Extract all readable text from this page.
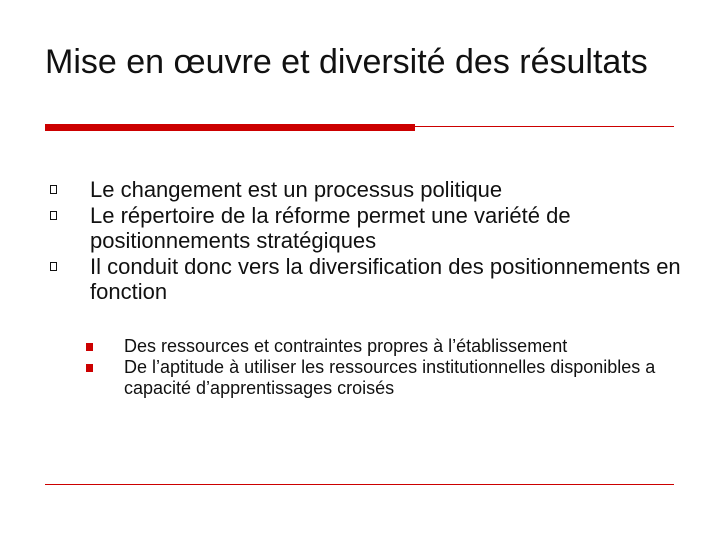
Mise en œuvre et diversité des résultats
Le changement est un processus politique
Le répertoire de la réforme permet une variété de positionnements stratégiques
Il conduit donc vers la diversification des positionnements en fonction
Des ressources et contraintes propres à l’établissement
De l’aptitude à utiliser les ressources institutionnelles disponibles a capacité d’apprentissages croisés
